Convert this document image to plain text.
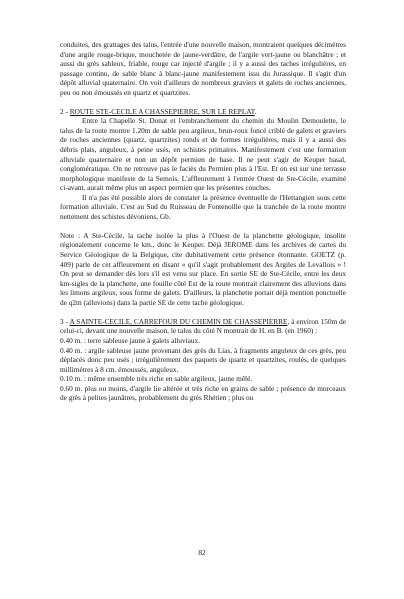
conduites, des grattages des talus, l'entrée d'une nouvelle maison, montraient quelques décimètres d'une argile rouge-brique, mouchetée de jaune-verdâtre, de l'argile vert-jaune ou blanchâtre ; et aussi du grès sableux, friable, rouge car injecté d'argile ; il y a aussi des taches irrégulières, en passage continu, de sable blanc à blanc-jaune manifestement issu du Jurassique. Il s'agit d'un dépôt alluvial quaternaire. On voit d'ailleurs de nombreux graviers et galets de roches anciennes, peu ou non émoussés en quartz et quartzites.

2 - ROUTE STE-CECILE A CHASSEPIERRE, SUR LE REPLAT.

Entre la Chapelle St. Donat et l'embranchement du chemin du Moulin Demoulette, le talus de la route montre 1.20m de sable peu argileux, brun-roux foncé criblé de galets et graviers de roches anciennes (quartz, quartzites) ronds et de formes irrégulières, mais il y a aussi des débris plats, anguleux, à peine usés, en schistes primaires. Manifestement c'est une formation alluviale quaternaire et non un dépôt permien de base. Il ne peut s'agir de Keuper basal, conglomératique. On ne retrouve pas le faciès du Permien plus à l'Est. Et on est sur une terrasse morphologique manifeste de la Semois. L'affleurement à l'entrée Ouest de Ste-Cécile, examiné ci-avant, aurait même plus un aspect permien que les présentes couches.

Il n'a pas été possible alors de constater la présence éventuelle de l'Hettangien sous cette formation alluviale. C'est au Sud du Ruisseau de Fontenoille que la tranchée de la route montre nettement des schistes dévoniens, Gb.

Note : A Ste-Cécile, la tache isolée la plus à l'Ouest de la planchette géologique, insolite régionalement concerne le km., donc le Keuper. Déjà JEROME dans les archives de cartes du Service Géologique de la Belgique, cite dubitativement cette présence étonnante. GOETZ (p. 409) parle de cet affleurement en disant « qu'il s'agit probablement des Argiles de Levallois » ! On peut se demander dès lors s'il est venu sur place. En sortie SE de Ste-Cécile, entre les deux km-sigles de la planchette, une fouille côté Est de la route montrait clairement des alluvions dans les limons argileux, sous forme de galets. D'ailleurs, la planchette portait déjà mention ponctuelle de q2m (alluvions) dans la partie SE de cette tache géologique.

3 - A SAINTE-CECILE, CARREFOUR DU CHEMIN DE CHASSEPIERRE, à environ 150m de celui-ci, devant une nouvelle maison, le talus du côté N montrait de H. en B. (en 1960) :

0.40 m. : terre sableuse jaune à galets alluviaux.

0.40 m. : argile sableuse jaune provenant des grès du Lias, à fragments anguleux de ces grès, peu déplacés donc peu usés ; irrégulièrement des paquets de quartz et quartzites, roulés, de quelques millimètres à 8 cm. émoussés, anguleux.

0.10 m. : même ensemble très riche en sable argileux, jaune mêlé.

0.60 m. plus ou moins, d'argile lie altérée et très riche en grains de sable ; présence de morceaux de grès à pelites jaunâtres, probablement du grès Rhétien ; plus ou

82
